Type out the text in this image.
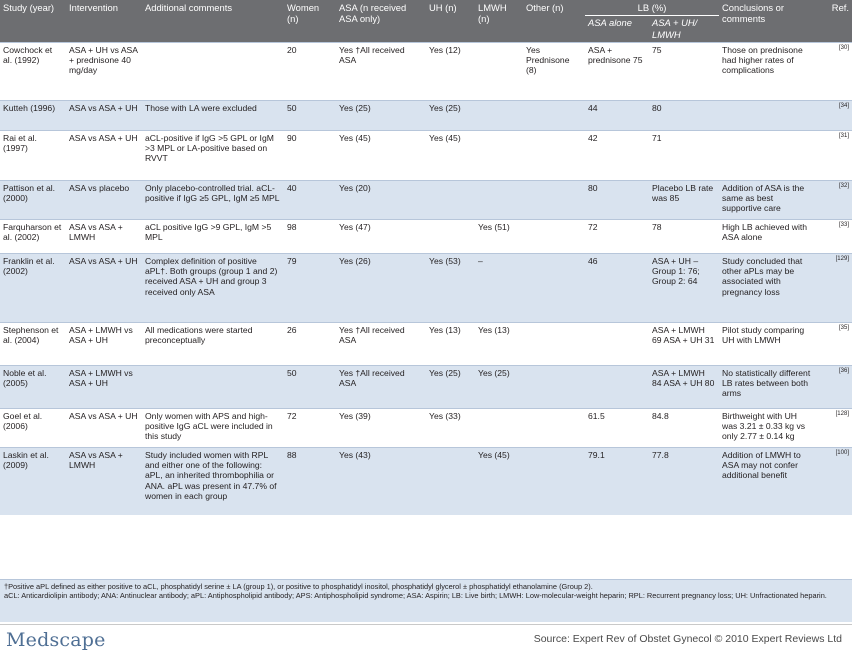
Study (year)	Intervention	Additional comments	Women (n)	ASA (n received ASA only)	UH (n)	LMWH (n)	Other (n)	LB (%)		Conclusions or comments	Ref.
								ASA alone	ASA + UH/ LMWH		
Cowchock et al. (1992)	ASA + UH vs ASA + prednisone 40 mg/day		20	Yes †All received ASA	Yes (12)		Yes Prednisone (8)	ASA + prednisone 75	75	Those on prednisone had higher rates of complications	[30]
Kutteh (1996)	ASA vs ASA + UH	Those with LA were excluded	50	Yes (25)	Yes (25)			44	80		[34]
Rai et al. (1997)	ASA vs ASA + UH	aCL-positive if IgG >5 GPL or IgM >3 MPL or LA-positive based on RVVT	90	Yes (45)	Yes (45)			42	71		[31]
Pattison et al. (2000)	ASA vs placebo	Only placebo-controlled trial. aCL-positive if IgG ≥5 GPL, IgM ≥5 MPL	40	Yes (20)				80	Placebo LB rate was 85	Addition of ASA is the same as best supportive care	[32]
Farquharson et al. (2002)	ASA vs ASA + LMWH	aCL positive IgG >9 GPL, IgM >5 MPL	98	Yes (47)		Yes (51)		72	78	High LB achieved with ASA alone	[33]
Franklin et al. (2002)	ASA vs ASA + UH	Complex definition of positive aPL†. Both groups (group 1 and 2) received ASA + UH and group 3 received only ASA	79	Yes (26)	Yes (53)	–		46	ASA + UH – Group 1: 76; Group 2: 64	Study concluded that other aPLs may be associated with pregnancy loss	[129]
Stephenson et al. (2004)	ASA + LMWH vs ASA + UH	All medications were started preconceptually	26	Yes †All received ASA	Yes (13)	Yes (13)			ASA + LMWH 69 ASA + UH 31	Pilot study comparing UH with LMWH	[35]
Noble et al. (2005)	ASA + LMWH vs ASA + UH		50	Yes †All received ASA	Yes (25)	Yes (25)			ASA + LMWH 84 ASA + UH 80	No statistically different LB rates between both arms	[36]
Goel et al. (2006)	ASA vs ASA + UH	Only women with APS and high-positive IgG aCL were included in this study	72	Yes (39)	Yes (33)			61.5	84.8	Birthweight with UH was 3.21 ± 0.33 kg vs only 2.77 ± 0.14 kg	[128]
Laskin et al. (2009)	ASA vs ASA + LMWH	Study included women with RPL and either one of the following: aPL, an inherited thrombophilia or ANA. aPL was present in 47.7% of women in each group	88	Yes (43)		Yes (45)		79.1	77.8	Addition of LMWH to ASA may not confer additional benefit	[100]
†Positive aPL defined as either positive to aCL, phosphatidyl serine ± LA (group 1), or positive to phosphatidyl inositol, phosphatidyl glycerol ± phosphatidyl ethanolamine (Group 2).
aCL: Anticardiolipin antibody; ANA: Antinuclear antibody; aPL: Antiphospholipid antibody; APS: Antiphospholipid syndrome; ASA: Aspirin; LB: Live birth; LMWH: Low-molecular-weight heparin; RPL: Recurrent pregnancy loss; UH: Unfractionated heparin.
Medscape	Source: Expert Rev of Obstet Gynecol © 2010 Expert Reviews Ltd
